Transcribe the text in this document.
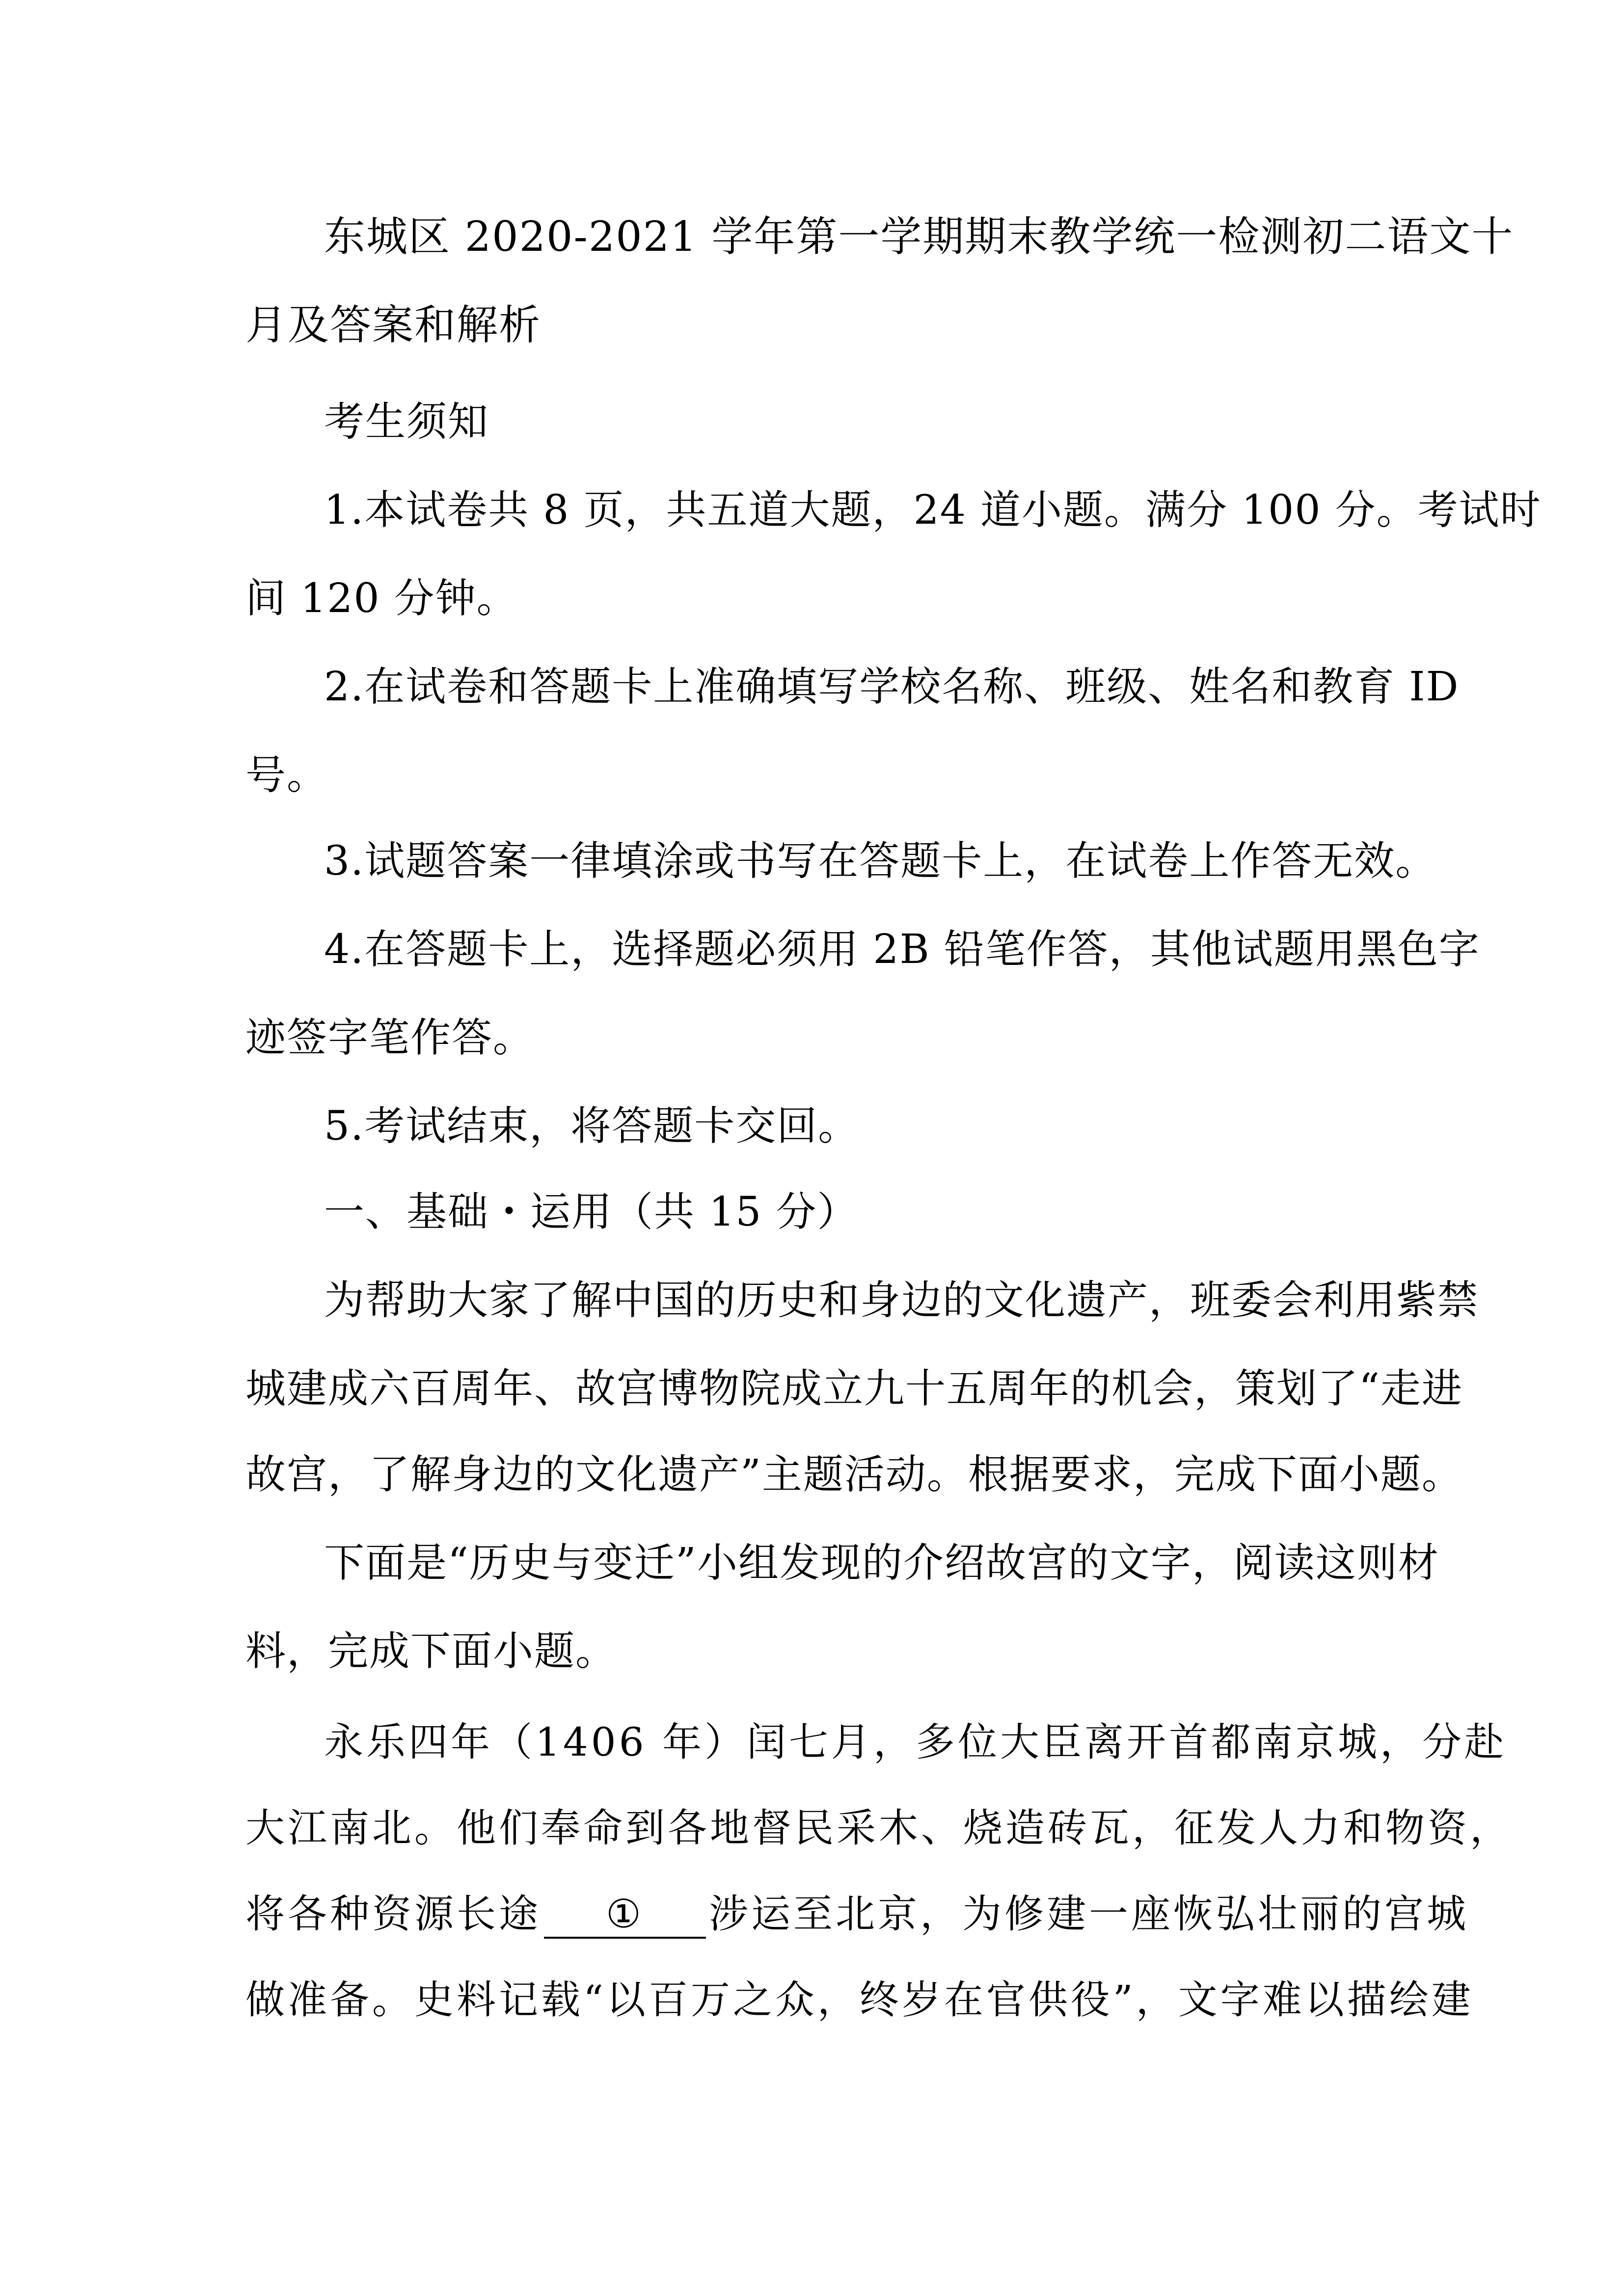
东城区 2020-2021 学年第一学期期末教学统一检测初二语文十
月及答案和解析
考生须知
1.本试卷共 8 页，共五道大题，24 道小题。满分 100 分。考试时
间 120 分钟。
2.在试卷和答题卡上准确填写学校名称、班级、姓名和教育 ID
号。
3.试题答案一律填涂或书写在答题卡上，在试卷上作答无效。
4.在答题卡上，选择题必须用 2B 铅笔作答，其他试题用黑色字
迹签字笔作答。
5.考试结束，将答题卡交回。
一、基础・运用（共 15 分）
为帮助大家了解中国的历史和身边的文化遗产，班委会利用紫禁
城建成六百周年、故宫博物院成立九十五周年的机会，策划了“走进
故宫，了解身边的文化遗产”主题活动。根据要求，完成下面小题。
下面是“历史与变迁”小组发现的介绍故宫的文字，阅读这则材
料，完成下面小题。
永乐四年（1406 年）闰七月，多位大臣离开首都南京城，分赴
大江南北。他们奉命到各地督民采木、烧造砖瓦，征发人力和物资，
将各种资源长途 ① 涉运至北京，为修建一座恢弘壮丽的宫城
做准备。史料记载“以百万之众，终岁在官供役”，文字难以描绘建
